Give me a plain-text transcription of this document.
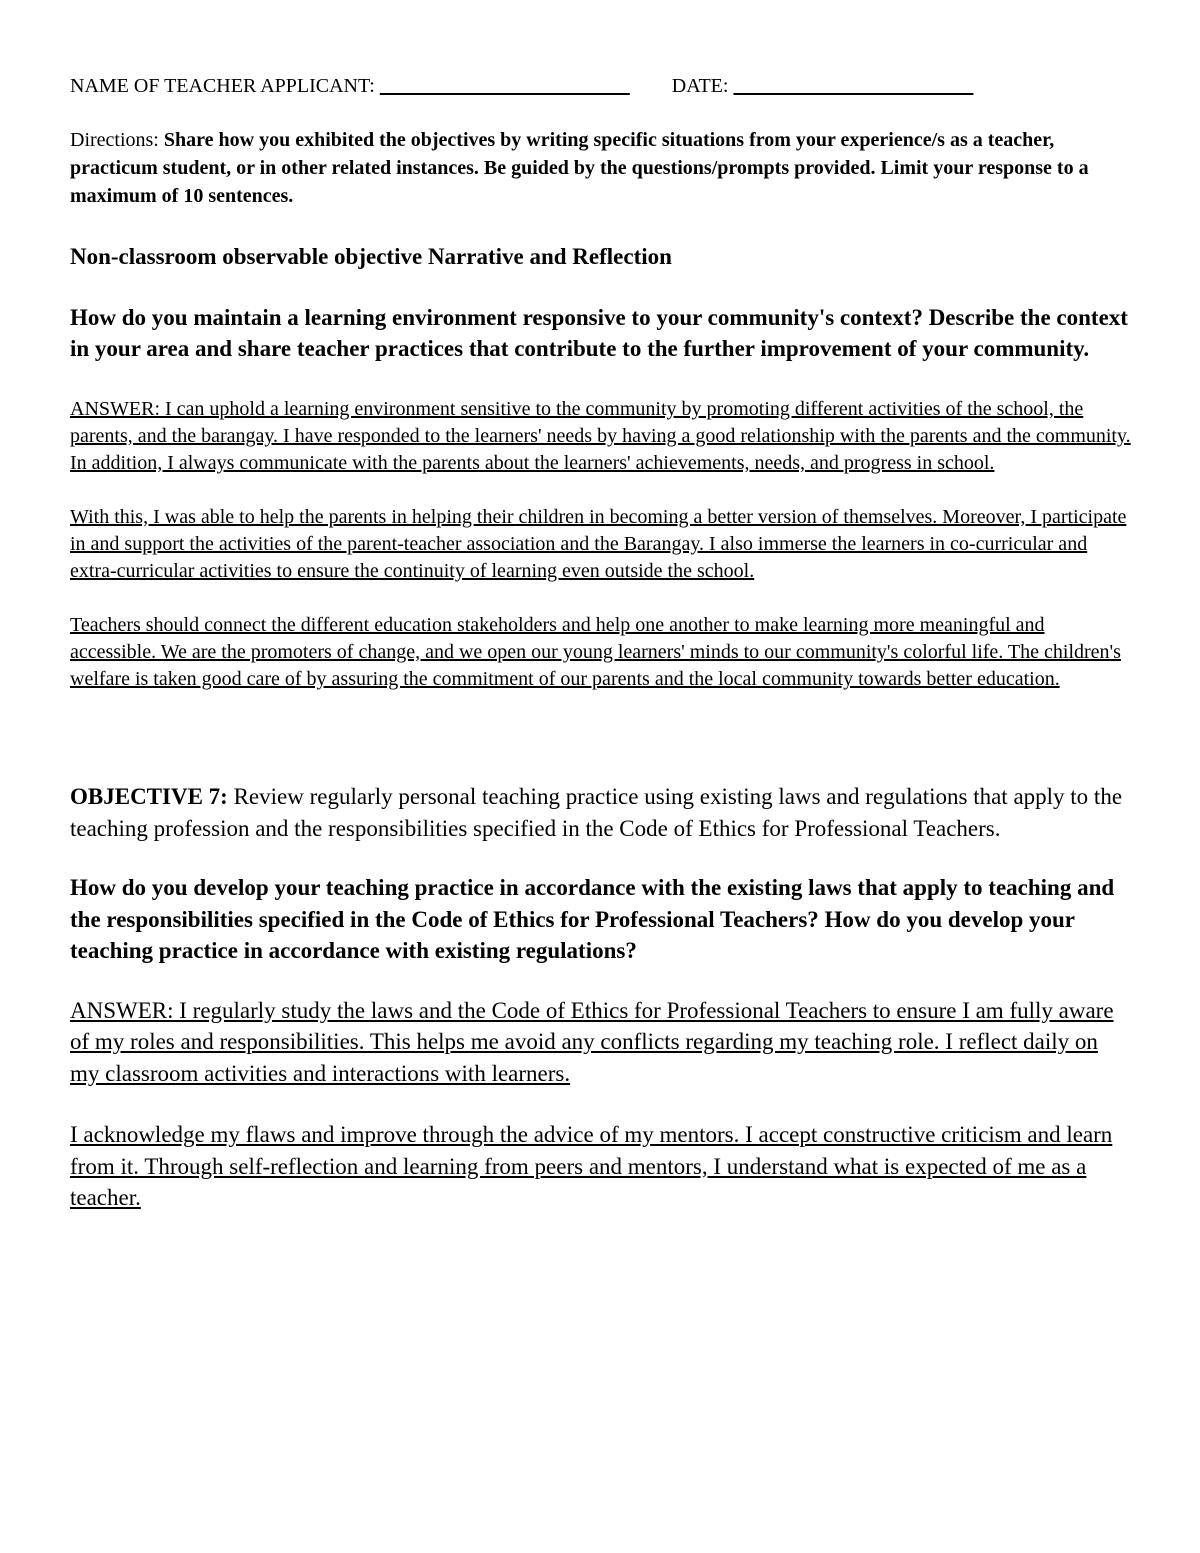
NAME OF TEACHER APPLICANT:	DATE:

Directions: Share how you exhibited the objectives by writing specific situations from your experience/s as a teacher, practicum student, or in other related instances. Be guided by the questions/prompts provided. Limit your response to a maximum of 10 sentences.

Non-classroom observable objective Narrative and Reflection

How do you maintain a learning environment responsive to your community's context? Describe the context in your area and share teacher practices that contribute to the further improvement of your community.

ANSWER: I can uphold a learning environment sensitive to the community by promoting different activities of the school, the parents, and the barangay. I have responded to the learners' needs by having a good relationship with the parents and the community. In addition, I always communicate with the parents about the learners' achievements, needs, and progress in school.

With this, I was able to help the parents in helping their children in becoming a better version of themselves. Moreover, I participate in and support the activities of the parent-teacher association and the Barangay. I also immerse the learners in co-curricular and extra-curricular activities to ensure the continuity of learning even outside the school.

Teachers should connect the different education stakeholders and help one another to make learning more meaningful and accessible. We are the promoters of change, and we open our young learners' minds to our community's colorful life. The children's welfare is taken good care of by assuring the commitment of our parents and the local community towards better education.

OBJECTIVE 7: Review regularly personal teaching practice using existing laws and regulations that apply to the teaching profession and the responsibilities specified in the Code of Ethics for Professional Teachers.

How do you develop your teaching practice in accordance with the existing laws that apply to teaching and the responsibilities specified in the Code of Ethics for Professional Teachers? How do you develop your teaching practice in accordance with existing regulations?

ANSWER: I regularly study the laws and the Code of Ethics for Professional Teachers to ensure I am fully aware of my roles and responsibilities. This helps me avoid any conflicts regarding my teaching role. I reflect daily on my classroom activities and interactions with learners.

I acknowledge my flaws and improve through the advice of my mentors. I accept constructive criticism and learn from it. Through self-reflection and learning from peers and mentors, I understand what is expected of me as a teacher.
